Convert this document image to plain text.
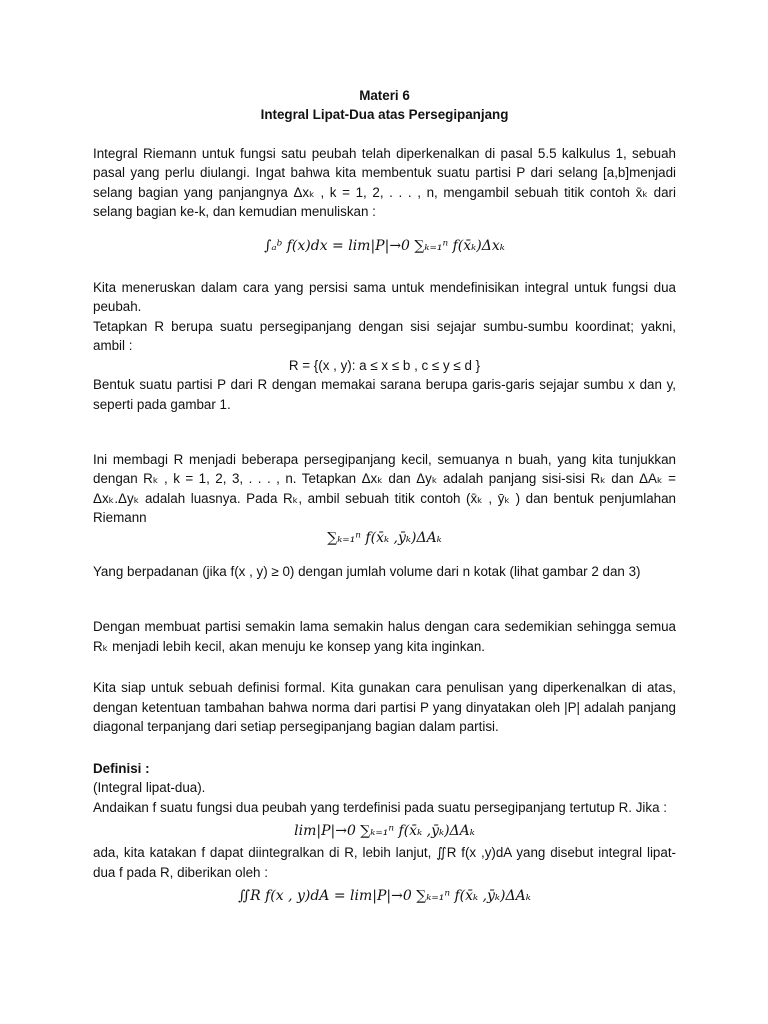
Materi 6

Integral Lipat-Dua atas Persegipanjang

Integral Riemann untuk fungsi satu peubah telah diperkenalkan di pasal 5.5 kalkulus 1, sebuah pasal yang perlu diulangi. Ingat bahwa kita membentuk suatu partisi P dari selang [a,b]menjadi selang bagian yang panjangnya Δxₖ , k = 1, 2, . . . , n, mengambil sebuah titik contoh x̄ₖ dari selang bagian ke-k, dan kemudian menuliskan :

∫ₐᵇ f(x)dx = lim|P|→0 ∑ₖ₌₁ⁿ f(x̄ₖ)Δxₖ

Kita meneruskan dalam cara yang persisi sama untuk mendefinisikan integral untuk fungsi dua peubah.

Tetapkan R berupa suatu persegipanjang dengan sisi sejajar sumbu-sumbu koordinat; yakni, ambil :

R = {(x , y): a ≤ x ≤ b , c ≤ y ≤ d }

Bentuk suatu partisi P dari R dengan memakai sarana berupa garis-garis sejajar sumbu x dan y, seperti pada gambar 1.

Ini membagi R menjadi beberapa persegipanjang kecil, semuanya n buah, yang kita tunjukkan dengan Rₖ , k = 1, 2, 3, . . . , n. Tetapkan Δxₖ dan Δyₖ adalah panjang sisi-sisi Rₖ dan ΔAₖ = Δxₖ.Δyₖ adalah luasnya. Pada Rₖ, ambil sebuah titik contoh (x̄ₖ , ȳₖ ) dan bentuk penjumlahan Riemann

∑ₖ₌₁ⁿ f(x̄ₖ ,ȳₖ)ΔAₖ

Yang berpadanan (jika f(x , y) ≥ 0) dengan jumlah volume dari n kotak (lihat gambar 2 dan 3)

Dengan membuat partisi semakin lama semakin halus dengan cara sedemikian sehingga semua Rₖ menjadi lebih kecil, akan menuju ke konsep yang kita inginkan.

Kita siap untuk sebuah definisi formal. Kita gunakan cara penulisan yang diperkenalkan di atas, dengan ketentuan tambahan bahwa norma dari partisi P yang dinyatakan oleh |P| adalah panjang diagonal terpanjang dari setiap persegipanjang bagian dalam partisi.

Definisi :

(Integral lipat-dua).

Andaikan f suatu fungsi dua peubah yang terdefinisi pada suatu persegipanjang tertutup R. Jika :

lim|P|→0 ∑ₖ₌₁ⁿ f(x̄ₖ ,ȳₖ)ΔAₖ

ada, kita katakan f dapat diintegralkan di R, lebih lanjut, ∬R f(x ,y)dA yang disebut integral lipat-dua f pada R, diberikan oleh :

∬R f(x , y)dA = lim|P|→0 ∑ₖ₌₁ⁿ f(x̄ₖ ,ȳₖ)ΔAₖ
